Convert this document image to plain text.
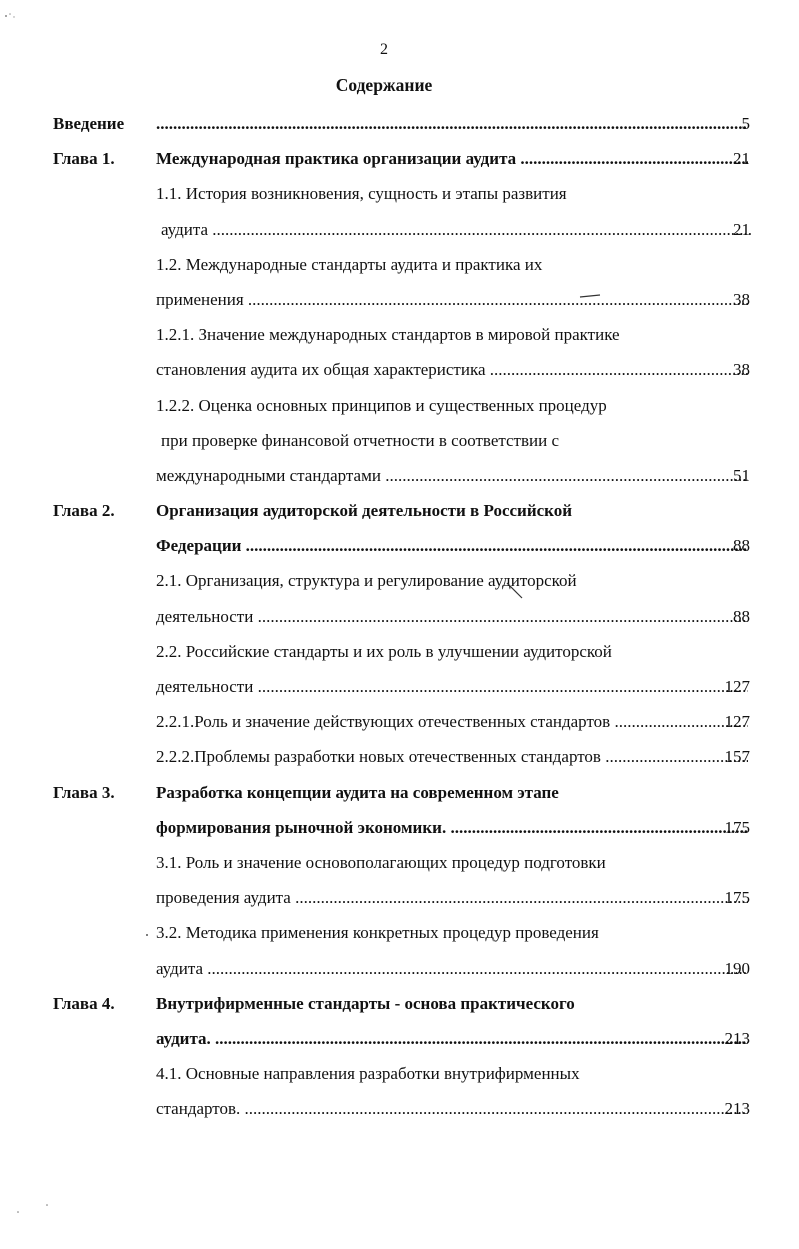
2
Содержание
Введение .....	5
Глава 1. Международная практика организации аудита .....	21
1.1. История возникновения, сущность и этапы развития
аудита .....	21
1.2. Международные стандарты аудита и практика их
применения .....	38
1.2.1. Значение международных стандартов в мировой практике
становления аудита их общая характеристика .....	38
1.2.2. Оценка основных принципов и существенных процедур
при проверке финансовой отчетности в соответствии с
международными стандартами .....	51
Глава 2. Организация аудиторской деятельности в Российской
Федерации .....	88
2.1. Организация, структура и регулирование аудиторской
деятельности .....	88
2.2. Российские стандарты и их роль в улучшении аудиторской
деятельности .....	127
2.2.1.Роль и значение действующих отечественных стандартов .....	127
2.2.2.Проблемы разработки новых отечественных стандартов .....	157
Глава 3. Разработка концепции аудита на современном этапе
формирования рыночной экономики. .....	175
3.1. Роль и значение основополагающих процедур подготовки
проведения аудита .....	175
3.2. Методика применения конкретных процедур проведения
аудита .....	190
Глава 4. Внутрифирменные стандарты - основа практического
аудита. .....	213
4.1. Основные направления разработки внутрифирменных
стандартов. .....	213
